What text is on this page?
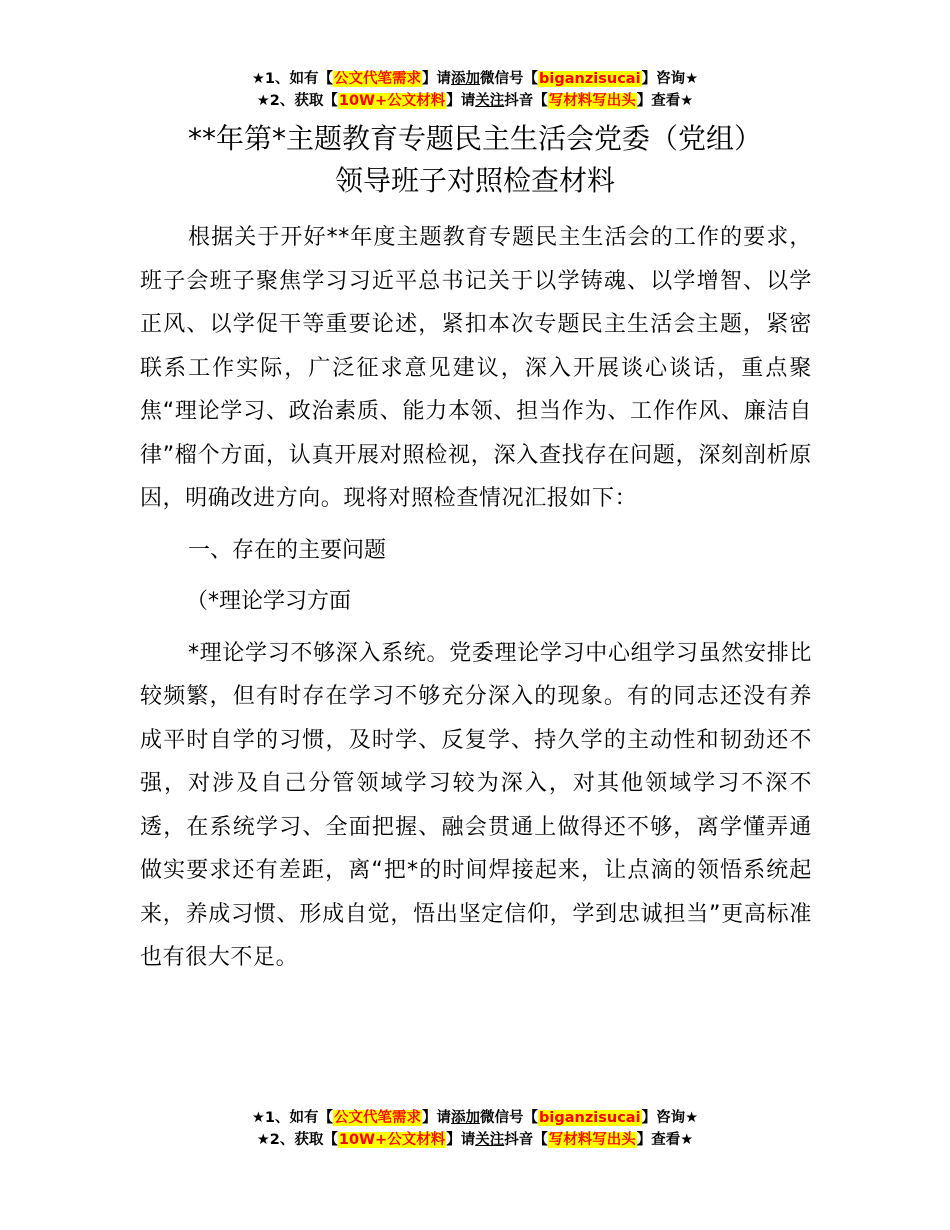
★1、如有【公文代笔需求】请添加微信号【biganzisucai】咨询★
★2、获取【10W+公文材料】请关注抖音【写材料写出头】查看★
**年第*主题教育专题民主生活会党委（党组）
领导班子对照检查材料

根据关于开好**年度主题教育专题民主生活会的工作的要求，班子会班子聚焦学习习近平总书记关于以学铸魂、以学增智、以学正风、以学促干等重要论述，紧扣本次专题民主生活会主题，紧密联系工作实际，广泛征求意见建议，深入开展谈心谈话，重点聚焦“理论学习、政治素质、能力本领、担当作为、工作作风、廉洁自律”榴个方面，认真开展对照检视，深入查找存在问题，深刻剖析原因，明确改进方向。现将对照检查情况汇报如下：

一、存在的主要问题

（*理论学习方面

*理论学习不够深入系统。党委理论学习中心组学习虽然安排比较频繁，但有时存在学习不够充分深入的现象。有的同志还没有养成平时自学的习惯，及时学、反复学、持久学的主动性和韧劲还不强，对涉及自己分管领域学习较为深入，对其他领域学习不深不透，在系统学习、全面把握、融会贯通上做得还不够，离学懂弄通做实要求还有差距，离“把*的时间焊接起来，让点滴的领悟系统起来，养成习惯、形成自觉，悟出坚定信仰，学到忠诚担当”更高标准也有很大不足。

★1、如有【公文代笔需求】请添加微信号【biganzisucai】咨询★
★2、获取【10W+公文材料】请关注抖音【写材料写出头】查看★
